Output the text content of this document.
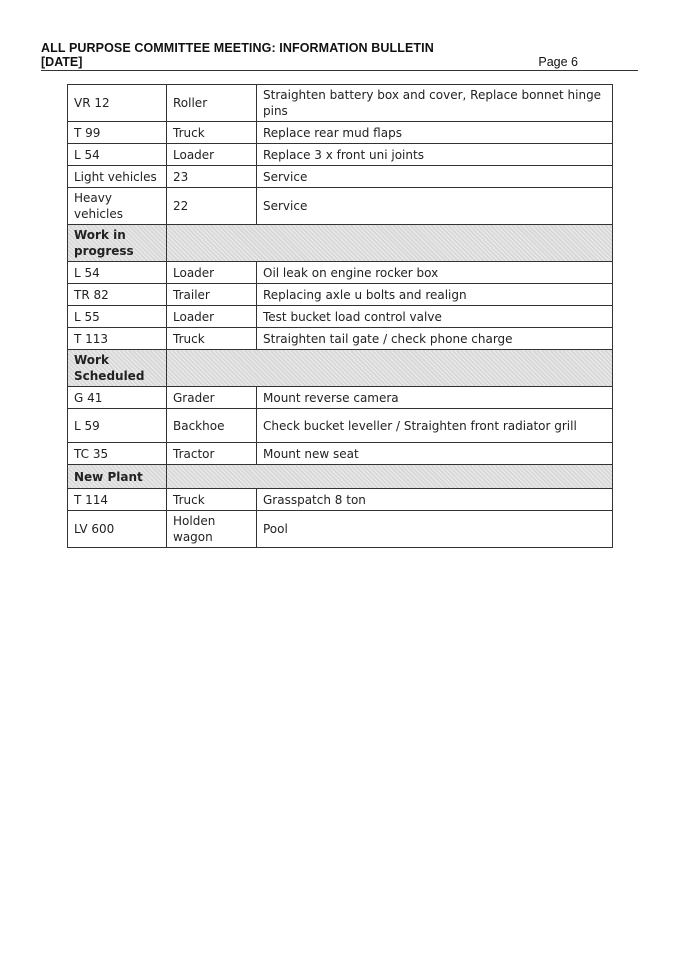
ALL PURPOSE COMMITTEE MEETING: INFORMATION BULLETIN
[DATE]	Page 6
VR 12	Roller	Straighten battery box and cover, Replace bonnet hinge pins
T 99	Truck	Replace rear mud flaps
L 54	Loader	Replace 3 x front uni joints
Light vehicles	23	Service
Heavy vehicles	22	Service
Work in progress		
L 54	Loader	Oil leak on engine rocker box
TR 82	Trailer	Replacing axle u bolts and realign
L 55	Loader	Test bucket load control valve
T 113	Truck	Straighten tail gate / check phone charge
Work Scheduled		
G 41	Grader	Mount reverse camera
L 59	Backhoe	Check bucket leveller / Straighten front radiator grill
TC 35	Tractor	Mount new seat
New Plant		
T 114	Truck	Grasspatch 8 ton
LV 600	Holden wagon	Pool
